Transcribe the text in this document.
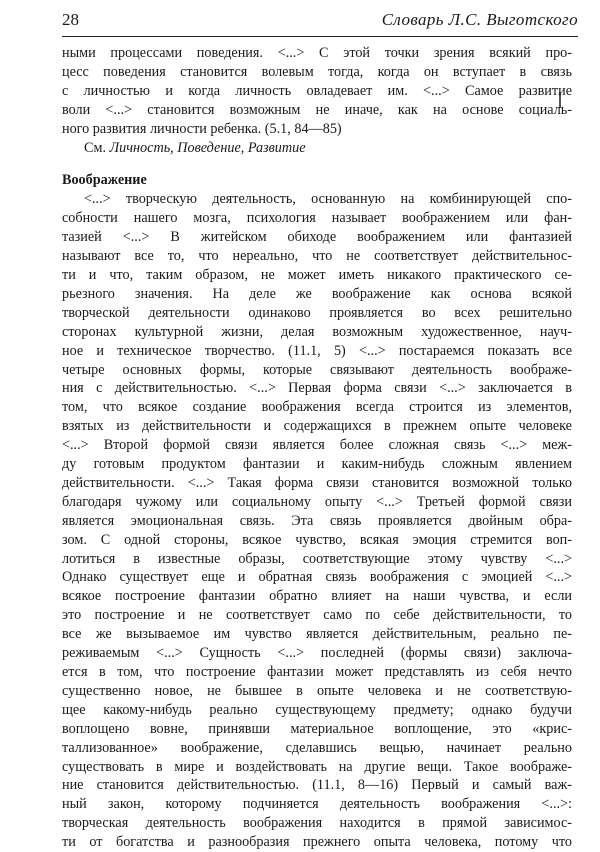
28	Словарь Л.С. Выготского
ными процессами поведения. <...> С этой точки зрения всякий про-
цесс поведения становится волевым тогда, когда он вступает в связь
с личностью и когда личность овладевает им. <...> Самое развитие
воли <...> становится возможным не иначе, как на основе социаль-
ного развития личности ребенка. (5.1, 84—85)
См. Личность, Поведение, Развитие
Воображение
<...> творческую деятельность, основанную на комбинирующей спо-
собности нашего мозга, психология называет воображением или фан-
тазией <...> В житейском обиходе воображением или фантазией
называют все то, что нереально, что не соответствует действительнос-
ти и что, таким образом, не может иметь никакого практического се-
рьезного значения. На деле же воображение как основа всякой
творческой деятельности одинаково проявляется во всех решительно
сторонах культурной жизни, делая возможным художественное, науч-
ное и техническое творчество. (11.1, 5) <...> постараемся показать все
четыре основных формы, которые связывают деятельность воображе-
ния с действительностью. <...> Первая форма связи <...> заключается в
том, что всякое создание воображения всегда строится из элементов,
взятых из действительности и содержащихся в прежнем опыте человеке
<...> Второй формой связи является более сложная связь <...> меж-
ду готовым продуктом фантазии и каким-нибудь сложным явлением
действительности. <...> Такая форма связи становится возможной только
благодаря чужому или социальному опыту <...> Третьей формой связи
является эмоциональная связь. Эта связь проявляется двойным обра-
зом. С одной стороны, всякое чувство, всякая эмоция стремится воп-
лотиться в известные образы, соответствующие этому чувству <...>
Однако существует еще и обратная связь воображения с эмоцией <...>
всякое построение фантазии обратно влияет на наши чувства, и если
это построение и не соответствует само по себе действительности, то
все же вызываемое им чувство является действительным, реально пе-
реживаемым <...> Сущность <...> последней (формы связи) заключа-
ется в том, что построение фантазии может представлять из себя нечто
существенно новое, не бывшее в опыте человека и не соответствую-
щее какому-нибудь реально существующему предмету; однако будучи
воплощено вовне, принявши материальное воплощение, это «крис-
таллизованное» воображение, сделавшись вещью, начинает реально
существовать в мире и воздействовать на другие вещи. Такое воображе-
ние становится действительностью. (11.1, 8—16) Первый и самый важ-
ный закон, которому подчиняется деятельность воображения <...>:
творческая деятельность воображения находится в прямой зависимос-
ти от богатства и разнообразия прежнего опыта человека, потому что
